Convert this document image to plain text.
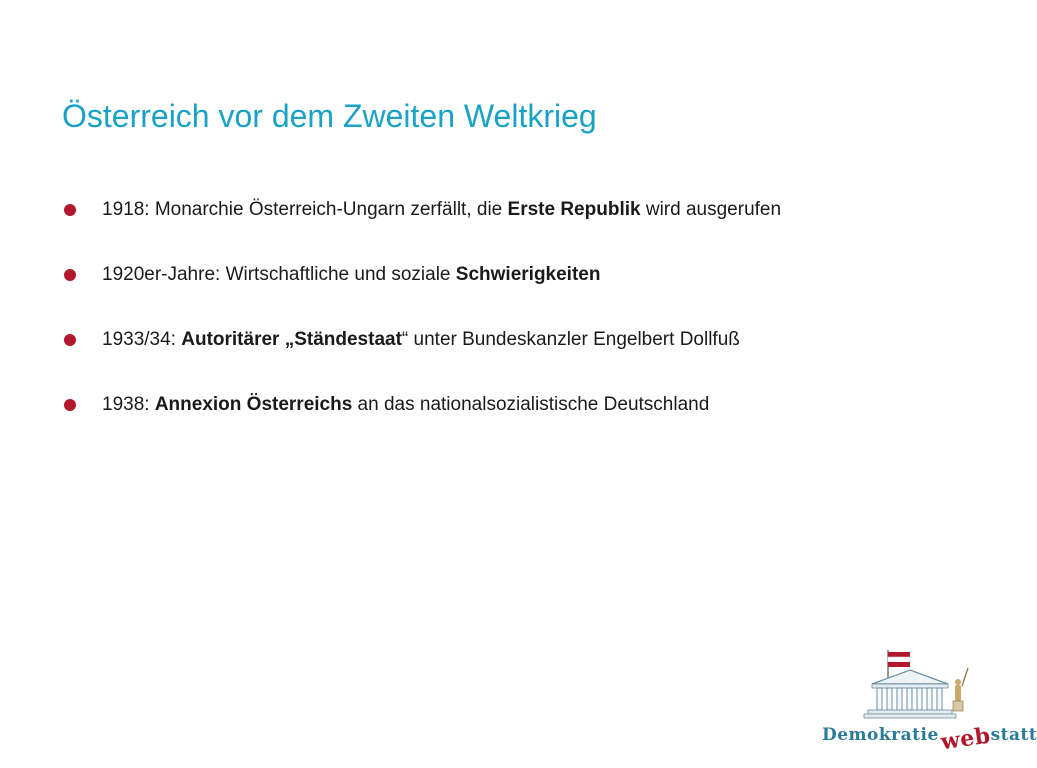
Österreich vor dem Zweiten Weltkrieg
1918: Monarchie Österreich-Ungarn zerfällt, die Erste Republik wird ausgerufen
1920er-Jahre: Wirtschaftliche und soziale Schwierigkeiten
1933/34: Autoritärer „Ständestaat“ unter Bundeskanzler Engelbert Dollfuß
1938: Annexion Österreichs an das nationalsozialistische Deutschland
Demokratiewebstatt
